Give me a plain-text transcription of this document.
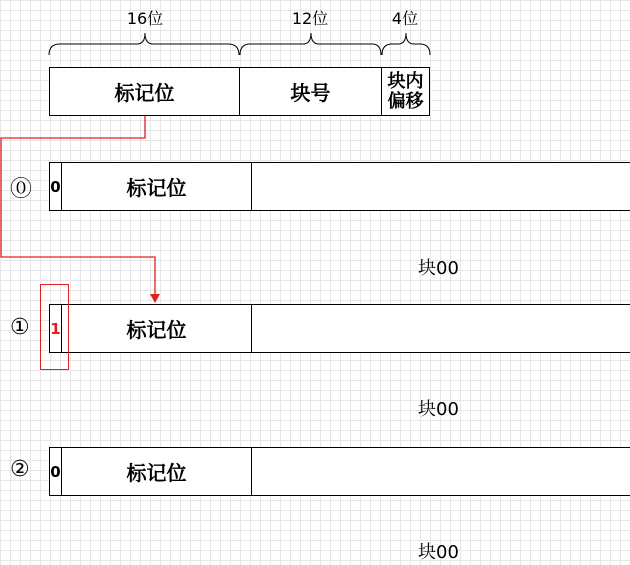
16位	12位	4位
标记位	块号	块内偏移
⓪ 0	标记位
块00
① 1	标记位
块00
② 0	标记位
块00
